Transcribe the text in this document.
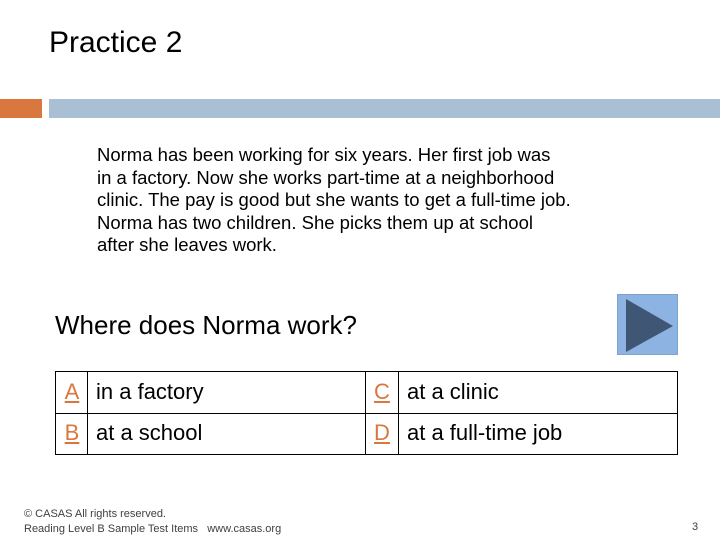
Practice 2
Norma has been working for six years. Her first job was
in a factory. Now she works part-time at a neighborhood
clinic. The pay is good but she wants to get a full-time job.
Norma has two children. She picks them up at school
after she leaves work.
Where does Norma work?
A in a factory	C at a clinic
B at a school	D at a full-time job
© CASAS All rights reserved.
Reading Level B Sample Test Items   www.casas.org	3
